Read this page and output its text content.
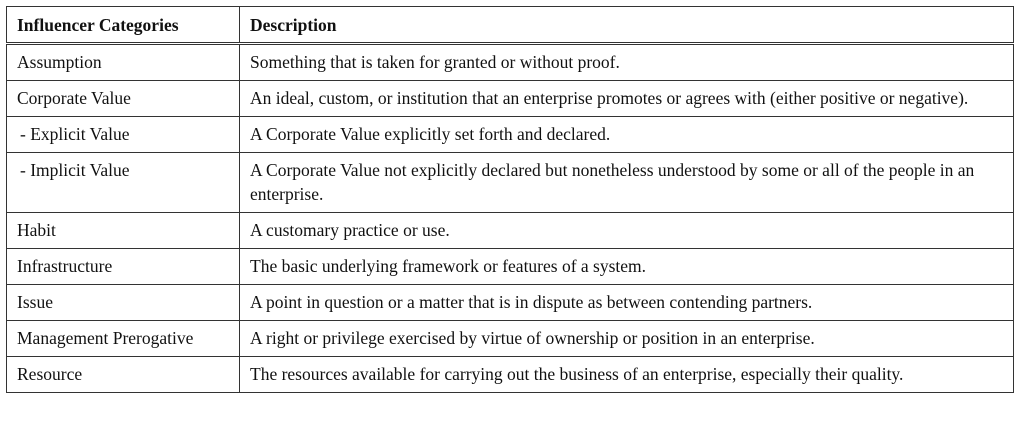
Influencer Categories	Description
Assumption	Something that is taken for granted or without proof.
Corporate Value	An ideal, custom, or institution that an enterprise promotes or agrees with (either positive or negative).
- Explicit Value	A Corporate Value explicitly set forth and declared.
- Implicit Value	A Corporate Value not explicitly declared but nonetheless understood by some or all of the people in an enterprise.
Habit	A customary practice or use.
Infrastructure	The basic underlying framework or features of a system.
Issue	A point in question or a matter that is in dispute as between contending partners.
Management Prerogative	A right or privilege exercised by virtue of ownership or position in an enterprise.
Resource	The resources available for carrying out the business of an enterprise, especially their quality.
